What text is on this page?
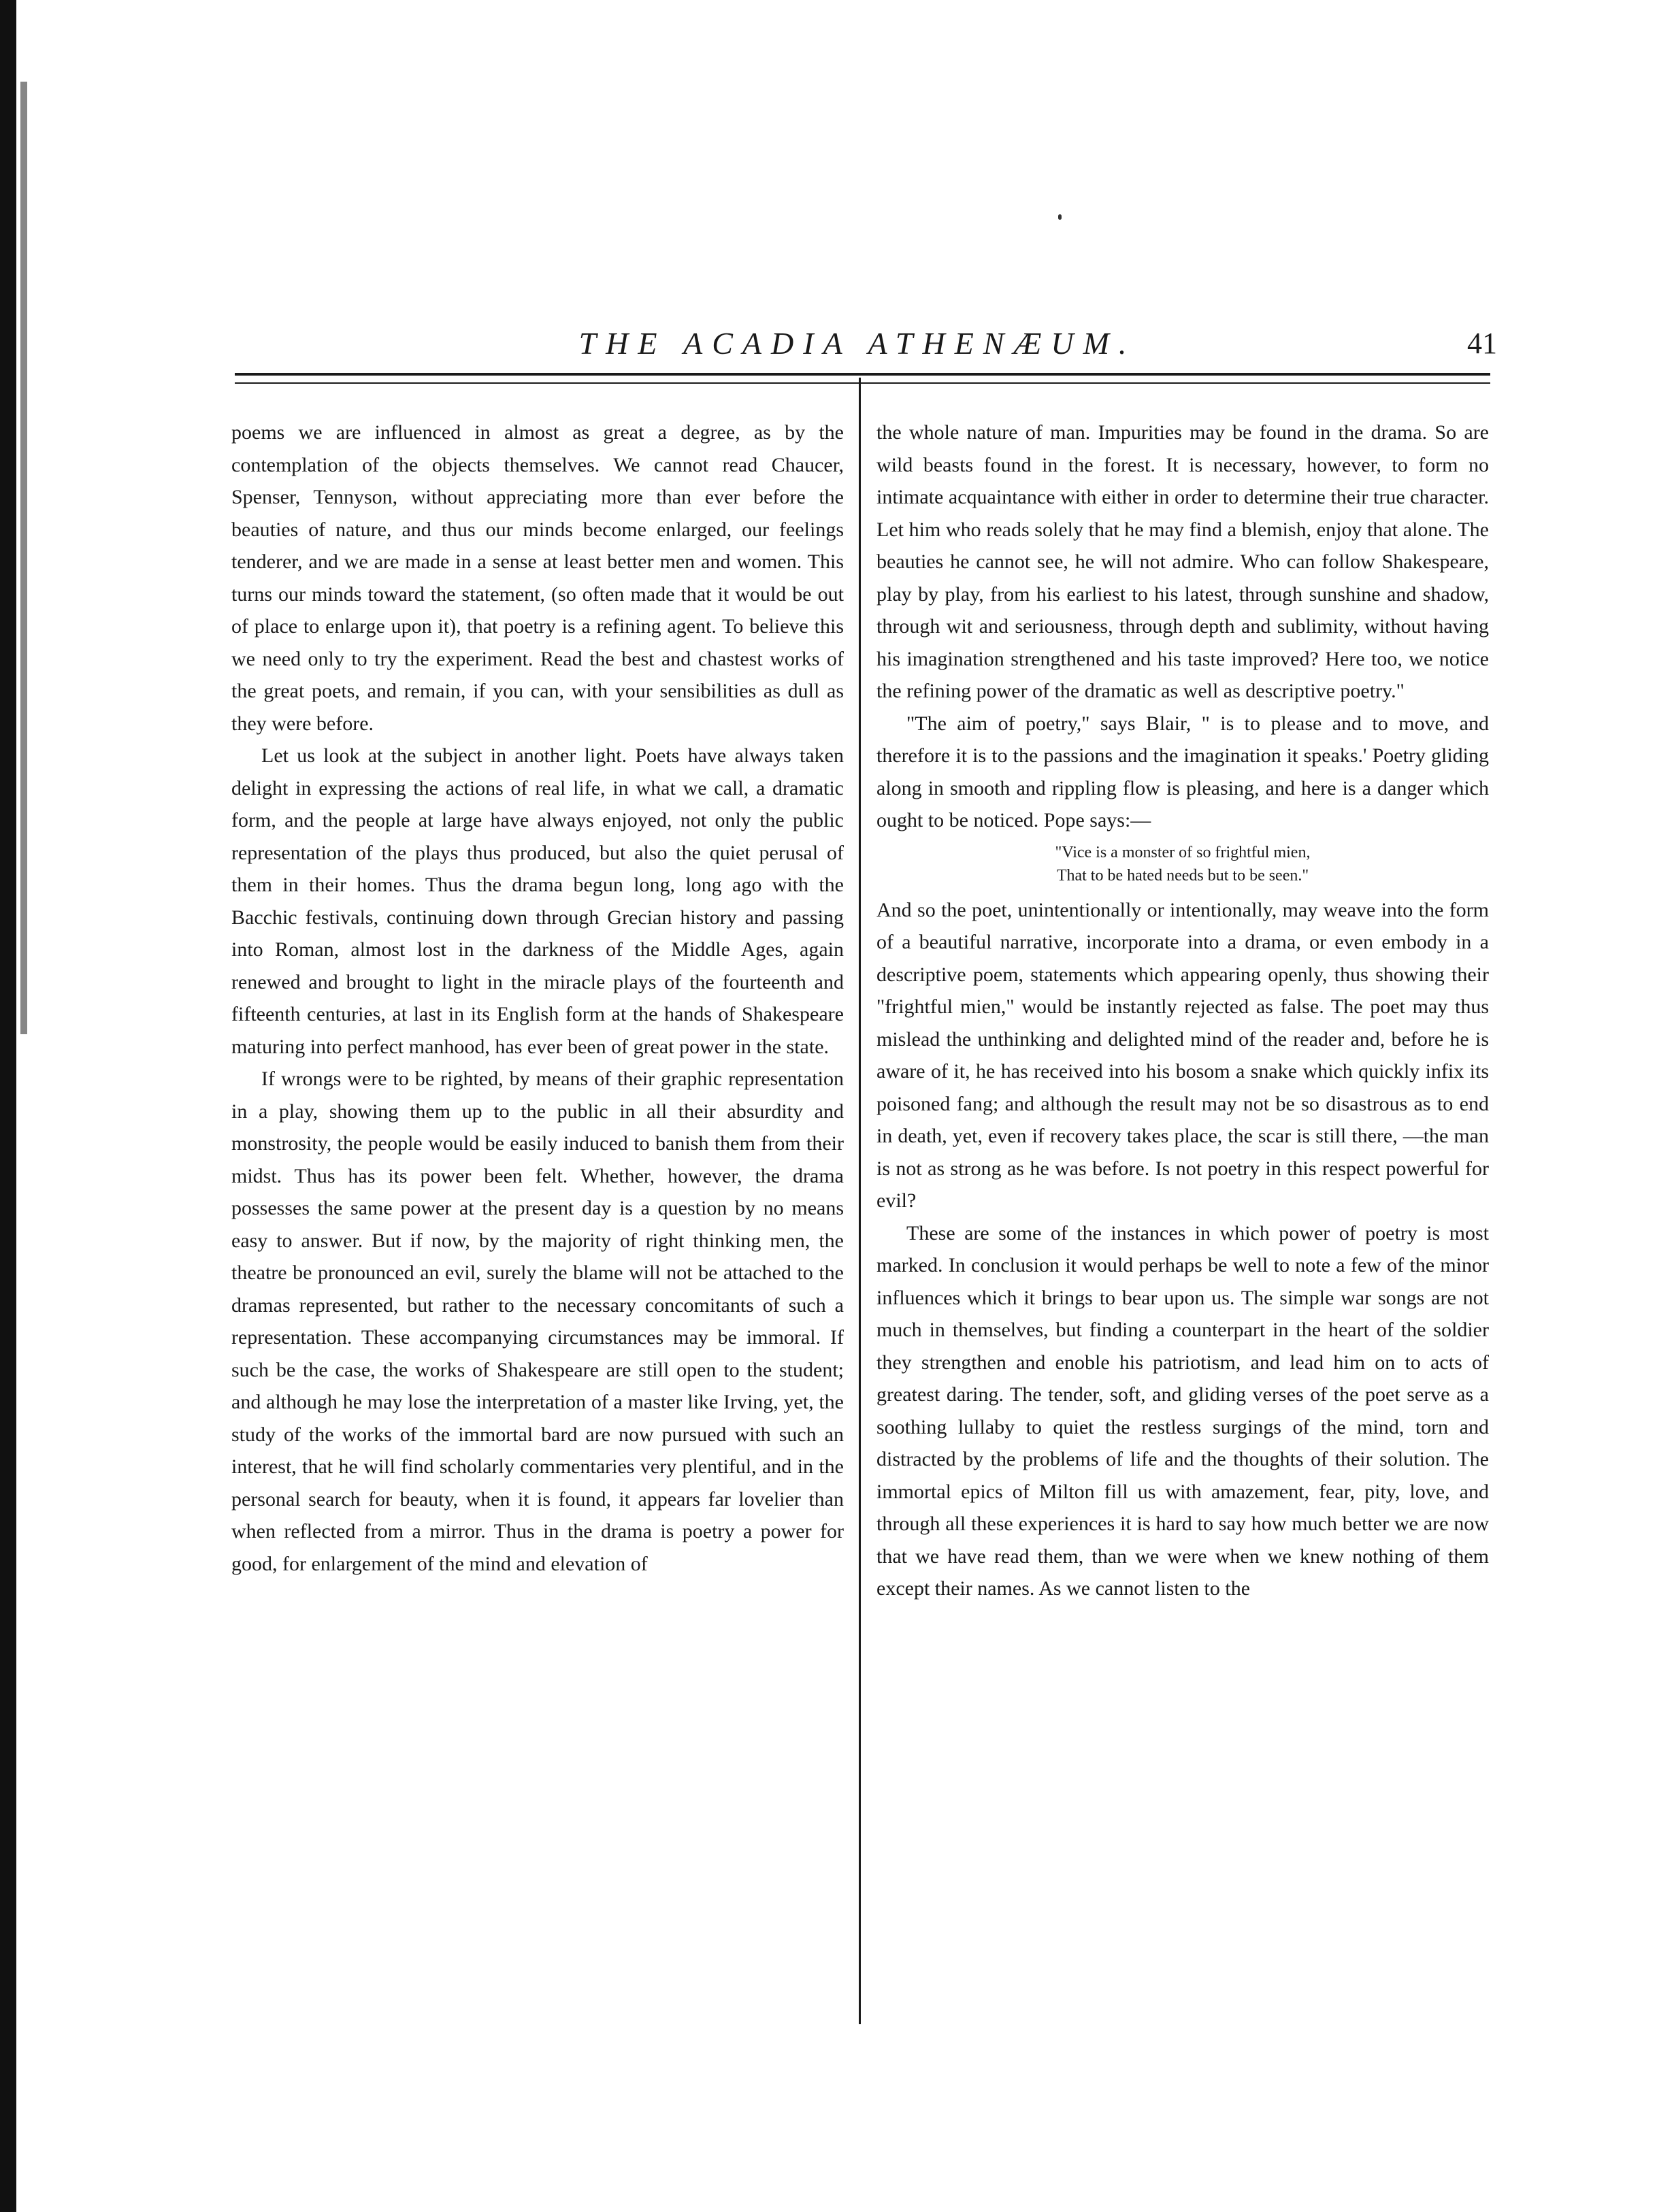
THE ACADIA ATHENÆUM.	41

poems we are influenced in almost as great a degree, as by the contemplation of the objects themselves. We cannot read Chaucer, Spenser, Tennyson, without appreciating more than ever before the beauties of nature, and thus our minds become enlarged, our feelings tenderer, and we are made in a sense at least better men and women. This turns our minds toward the statement, (so often made that it would be out of place to enlarge upon it), that poetry is a refining agent. To believe this we need only to try the experiment. Read the best and chastest works of the great poets, and remain, if you can, with your sensibilities as dull as they were before.

Let us look at the subject in another light. Poets have always taken delight in expressing the actions of real life, in what we call, a dramatic form, and the people at large have always enjoyed, not only the public representation of the plays thus produced, but also the quiet perusal of them in their homes. Thus the drama begun long, long ago with the Bacchic festivals, continuing down through Grecian history and passing into Roman, almost lost in the darkness of the Middle Ages, again renewed and brought to light in the miracle plays of the fourteenth and fifteenth centuries, at last in its English form at the hands of Shakespeare maturing into perfect manhood, has ever been of great power in the state.

If wrongs were to be righted, by means of their graphic representation in a play, showing them up to the public in all their absurdity and monstrosity, the people would be easily induced to banish them from their midst. Thus has its power been felt. Whether, however, the drama possesses the same power at the present day is a question by no means easy to answer. But if now, by the majority of right thinking men, the theatre be pronounced an evil, surely the blame will not be attached to the dramas represented, but rather to the necessary concomitants of such a representation. These accompanying circumstances may be immoral. If such be the case, the works of Shakespeare are still open to the student; and although he may lose the interpretation of a master like Irving, yet, the study of the works of the immortal bard are now pursued with such an interest, that he will find scholarly commentaries very plentiful, and in the personal search for beauty, when it is found, it appears far lovelier than when reflected from a mirror. Thus in the drama is poetry a power for good, for enlargement of the mind and elevation of

the whole nature of man. Impurities may be found in the drama. So are wild beasts found in the forest. It is necessary, however, to form no intimate acquaintance with either in order to determine their true character. Let him who reads solely that he may find a blemish, enjoy that alone. The beauties he cannot see, he will not admire. Who can follow Shakespeare, play by play, from his earliest to his latest, through sunshine and shadow, through wit and seriousness, through depth and sublimity, without having his imagination strengthened and his taste improved? Here too, we notice the refining power of the dramatic as well as descriptive poetry."

"The aim of poetry," says Blair, " is to please and to move, and therefore it is to the passions and the imagination it speaks.' Poetry gliding along in smooth and rippling flow is pleasing, and here is a danger which ought to be noticed. Pope says:—

"Vice is a monster of so frightful mien,
That to be hated needs but to be seen."

And so the poet, unintentionally or intentionally, may weave into the form of a beautiful narrative, incorporate into a drama, or even embody in a descriptive poem, statements which appearing openly, thus showing their "frightful mien," would be instantly rejected as false. The poet may thus mislead the unthinking and delighted mind of the reader and, before he is aware of it, he has received into his bosom a snake which quickly infix its poisoned fang; and although the result may not be so disastrous as to end in death, yet, even if recovery takes place, the scar is still there, —the man is not as strong as he was before. Is not poetry in this respect powerful for evil?

These are some of the instances in which power of poetry is most marked. In conclusion it would perhaps be well to note a few of the minor influences which it brings to bear upon us. The simple war songs are not much in themselves, but finding a counterpart in the heart of the soldier they strengthen and enoble his patriotism, and lead him on to acts of greatest daring. The tender, soft, and gliding verses of the poet serve as a soothing lullaby to quiet the restless surgings of the mind, torn and distracted by the problems of life and the thoughts of their solution. The immortal epics of Milton fill us with amazement, fear, pity, love, and through all these experiences it is hard to say how much better we are now that we have read them, than we were when we knew nothing of them except their names. As we cannot listen to the
